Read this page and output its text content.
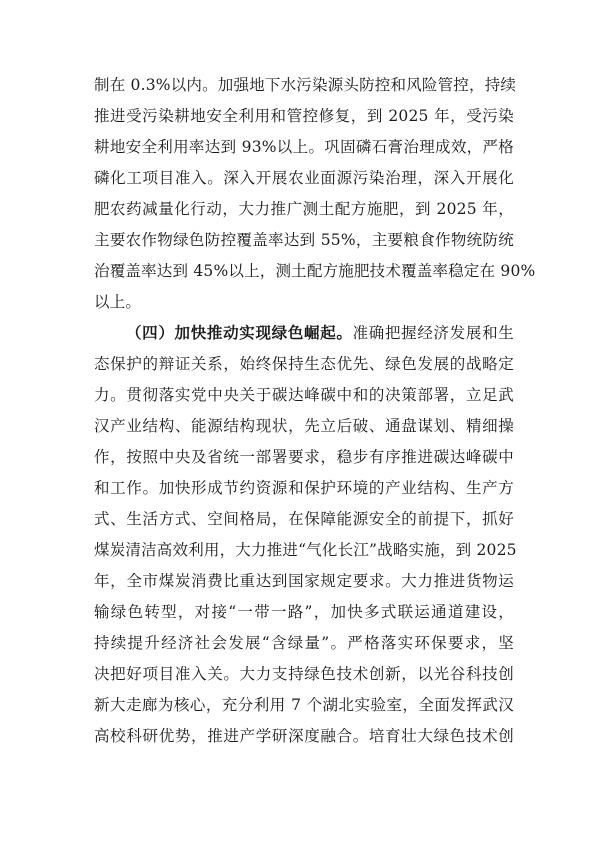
制在 0.3%以内。加强地下水污染源头防控和风险管控，持续
推进受污染耕地安全利用和管控修复，到 2025 年，受污染
耕地安全利用率达到 93%以上。巩固磷石膏治理成效，严格
磷化工项目准入。深入开展农业面源污染治理，深入开展化
肥农药减量化行动，大力推广测土配方施肥，到 2025 年，
主要农作物绿色防控覆盖率达到 55%，主要粮食作物统防统
治覆盖率达到 45%以上，测土配方施肥技术覆盖率稳定在 90%
以上。
（四）加快推动实现绿色崛起。准确把握经济发展和生
态保护的辩证关系，始终保持生态优先、绿色发展的战略定
力。贯彻落实党中央关于碳达峰碳中和的决策部署，立足武
汉产业结构、能源结构现状，先立后破、通盘谋划、精细操
作，按照中央及省统一部署要求，稳步有序推进碳达峰碳中
和工作。加快形成节约资源和保护环境的产业结构、生产方
式、生活方式、空间格局，在保障能源安全的前提下，抓好
煤炭清洁高效利用，大力推进“气化长江”战略实施，到 2025
年，全市煤炭消费比重达到国家规定要求。大力推进货物运
输绿色转型，对接“一带一路”，加快多式联运通道建设，
持续提升经济社会发展“含绿量”。严格落实环保要求，坚
决把好项目准入关。大力支持绿色技术创新，以光谷科技创
新大走廊为核心，充分利用 7 个湖北实验室，全面发挥武汉
高校科研优势，推进产学研深度融合。培育壮大绿色技术创
